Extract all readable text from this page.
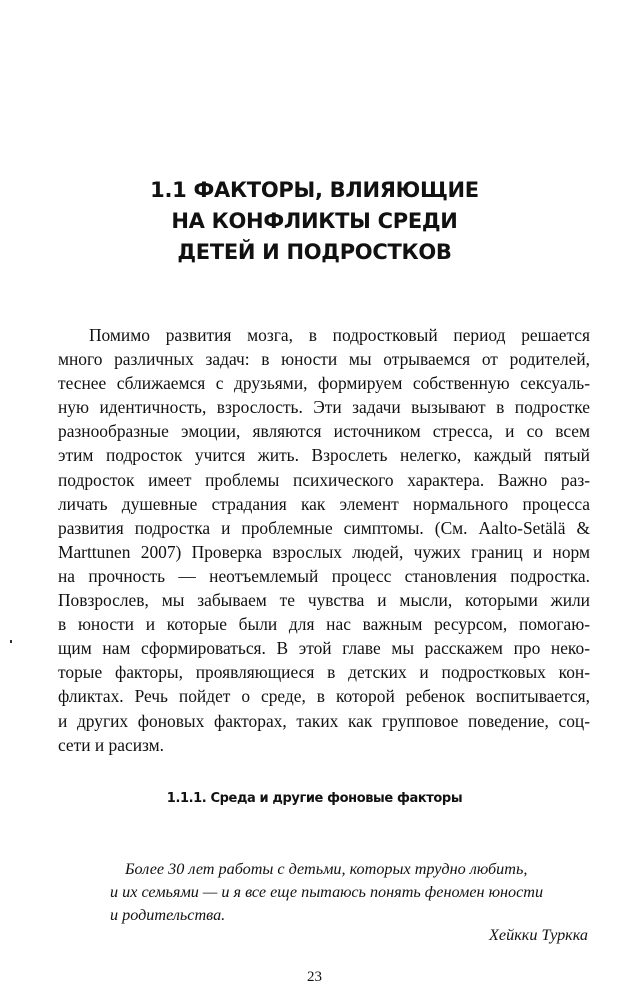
1.1 ФАКТОРЫ, ВЛИЯЮЩИЕ
НА КОНФЛИКТЫ СРЕДИ
ДЕТЕЙ И ПОДРОСТКОВ
Помимо развития мозга, в подростковый период решается
много различных задач: в юности мы отрываемся от родителей,
теснее сближаемся с друзьями, формируем собственную сексуаль-
ную идентичность, взрослость. Эти задачи вызывают в подростке
разнообразные эмоции, являются источником стресса, и со всем
этим подросток учится жить. Взрослеть нелегко, каждый пятый
подросток имеет проблемы психического характера. Важно раз-
личать душевные страдания как элемент нормального процесса
развития подростка и проблемные симптомы. (См. Aalto-Setälä &
Marttunen 2007) Проверка взрослых людей, чужих границ и норм
на прочность — неотъемлемый процесс становления подростка.
Повзрослев, мы забываем те чувства и мысли, которыми жили
в юности и которые были для нас важным ресурсом, помогаю-
щим нам сформироваться. В этой главе мы расскажем про неко-
торые факторы, проявляющиеся в детских и подростковых кон-
фликтах. Речь пойдет о среде, в которой ребенок воспитывается,
и других фоновых факторах, таких как групповое поведение, соц-
сети и расизм.
1.1.1. Среда и другие фоновые факторы
Более 30 лет работы с детьми, которых трудно любить,
и их семьями — и я все еще пытаюсь понять феномен юности
и родительства.
Хейкки Туркка
23
